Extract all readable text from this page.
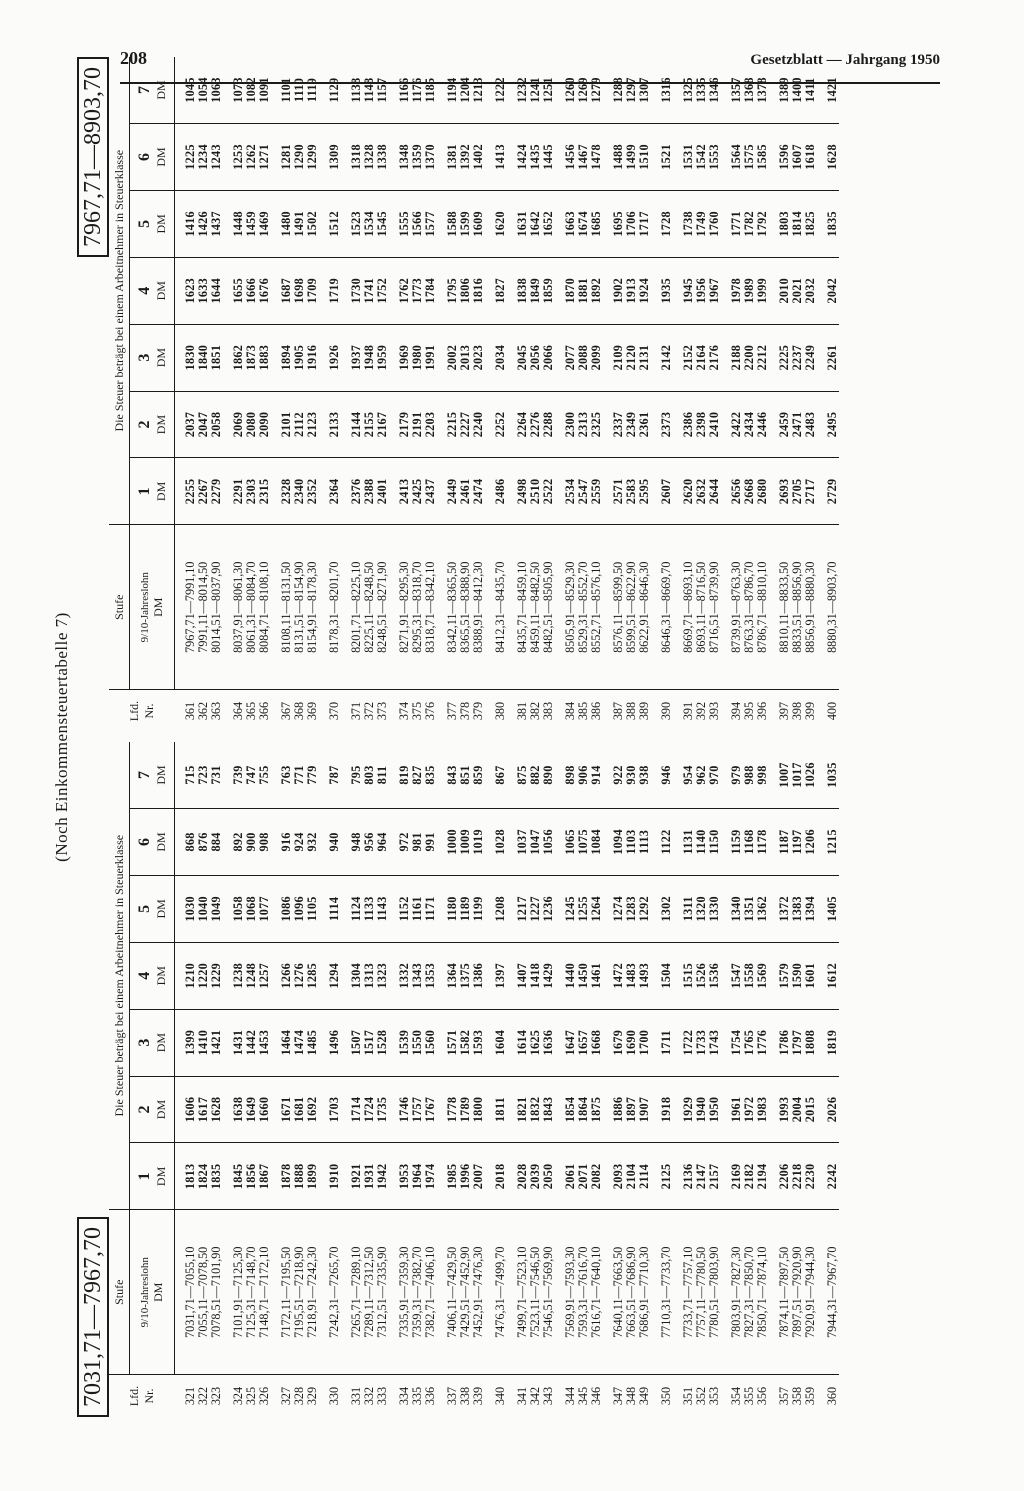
208	Gesetzblatt — Jahrgang 1950
(Noch Einkommensteuertabelle 7)
7031,71—7967,70 Lfd. Nr.	Stufe	Die Steuer beträgt bei einem Arbeitnehmer in Steuerklasse						

	9/10-Jahreslohn DM	1 DM	2 DM	3 DM	4 DM	5 DM	6 DM	7 DM

321	7031,71—7055,10	1813	1606	1399	1210	1030	868	715
322	7055,11—7078,50	1824	1617	1410	1220	1040	876	723
323	7078,51—7101,90	1835	1628	1421	1229	1049	884	731
324	7101,91—7125,30	1845	1638	1431	1238	1058	892	739
325	7125,31—7148,70	1856	1649	1442	1248	1068	900	747
326	7148,71—7172,10	1867	1660	1453	1257	1077	908	755
327	7172,11—7195,50	1878	1671	1464	1266	1086	916	763
328	7195,51—7218,90	1888	1681	1474	1276	1096	924	771
329	7218,91—7242,30	1899	1692	1485	1285	1105	932	779
330	7242,31—7265,70	1910	1703	1496	1294	1114	940	787
331	7265,71—7289,10	1921	1714	1507	1304	1124	948	795
332	7289,11—7312,50	1931	1724	1517	1313	1133	956	803
333	7312,51—7335,90	1942	1735	1528	1323	1143	964	811
334	7335,91—7359,30	1953	1746	1539	1332	1152	972	819
335	7359,31—7382,70	1964	1757	1550	1343	1161	981	827
336	7382,71—7406,10	1974	1767	1560	1353	1171	991	835
337	7406,11—7429,50	1985	1778	1571	1364	1180	1000	843
338	7429,51—7452,90	1996	1789	1582	1375	1189	1009	851
339	7452,91—7476,30	2007	1800	1593	1386	1199	1019	859
340	7476,31—7499,70	2018	1811	1604	1397	1208	1028	867
341	7499,71—7523,10	2028	1821	1614	1407	1217	1037	875
342	7523,11—7546,50	2039	1832	1625	1418	1227	1047	882
343	7546,51—7569,90	2050	1843	1636	1429	1236	1056	890
344	7569,91—7593,30	2061	1854	1647	1440	1245	1065	898
345	7593,31—7616,70	2071	1864	1657	1450	1255	1075	906
346	7616,71—7640,10	2082	1875	1668	1461	1264	1084	914
347	7640,11—7663,50	2093	1886	1679	1472	1274	1094	922
348	7663,51—7686,90	2104	1897	1690	1483	1283	1103	930
349	7686,91—7710,30	2114	1907	1700	1493	1292	1113	938
350	7710,31—7733,70	2125	1918	1711	1504	1302	1122	946
351	7733,71—7757,10	2136	1929	1722	1515	1311	1131	954
352	7757,11—7780,50	2147	1940	1733	1526	1320	1140	962
353	7780,51—7803,90	2157	1950	1743	1536	1330	1150	970
354	7803,91—7827,30	2169	1961	1754	1547	1340	1159	979
355	7827,31—7850,70	2182	1972	1765	1558	1351	1168	988
356	7850,71—7874,10	2194	1983	1776	1569	1362	1178	998
357	7874,11—7897,50	2206	1993	1786	1579	1372	1187	1007
358	7897,51—7920,90	2218	2004	1797	1590	1383	1197	1017
359	7920,91—7944,30	2230	2015	1808	1601	1394	1206	1026
360	7944,31—7967,70	2242	2026	1819	1612	1405	1215	1035
7967,71—8903,70
Lfd. Nr.	Stufe	Die Steuer beträgt bei einem Arbeitnehmer in Steuerklasse						

	9/10-Jahreslohn DM	1 DM	2 DM	3 DM	4 DM	5 DM	6 DM	7 DM

361	7967,71—7991,10	2255	2037	1830	1623	1416	1225	1045
362	7991,11—8014,50	2267	2047	1840	1633	1426	1234	1054
363	8014,51—8037,90	2279	2058	1851	1644	1437	1243	1063
364	8037,91—8061,30	2291	2069	1862	1655	1448	1253	1073
365	8061,31—8084,70	2303	2080	1873	1666	1459	1262	1082
366	8084,71—8108,10	2315	2090	1883	1676	1469	1271	1091
367	8108,11—8131,50	2328	2101	1894	1687	1480	1281	1101
368	8131,51—8154,90	2340	2112	1905	1698	1491	1290	1110
369	8154,91—8178,30	2352	2123	1916	1709	1502	1299	1119
370	8178,31—8201,70	2364	2133	1926	1719	1512	1309	1129
371	8201,71—8225,10	2376	2144	1937	1730	1523	1318	1138
372	8225,11—8248,50	2388	2155	1948	1741	1534	1328	1148
373	8248,51—8271,90	2401	2167	1959	1752	1545	1338	1157
374	8271,91—8295,30	2413	2179	1969	1762	1555	1348	1166
375	8295,31—8318,70	2425	2191	1980	1773	1566	1359	1176
376	8318,71—8342,10	2437	2203	1991	1784	1577	1370	1185
377	8342,11—8365,50	2449	2215	2002	1795	1588	1381	1194
378	8365,51—8388,90	2461	2227	2013	1806	1599	1392	1204
379	8388,91—8412,30	2474	2240	2023	1816	1609	1402	1213
380	8412,31—8435,70	2486	2252	2034	1827	1620	1413	1222
381	8435,71—8459,10	2498	2264	2045	1838	1631	1424	1232
382	8459,11—8482,50	2510	2276	2056	1849	1642	1435	1241
383	8482,51—8505,90	2522	2288	2066	1859	1652	1445	1251
384	8505,91—8529,30	2534	2300	2077	1870	1663	1456	1260
385	8529,31—8552,70	2547	2313	2088	1881	1674	1467	1269
386	8552,71—8576,10	2559	2325	2099	1892	1685	1478	1279
387	8576,11—8599,50	2571	2337	2109	1902	1695	1488	1288
388	8599,51—8622,90	2583	2349	2120	1913	1706	1499	1297
389	8622,91—8646,30	2595	2361	2131	1924	1717	1510	1307
390	8646,31—8669,70	2607	2373	2142	1935	1728	1521	1316
391	8669,71—8693,10	2620	2386	2152	1945	1738	1531	1325
392	8693,11—8716,50	2632	2398	2164	1956	1749	1542	1335
393	8716,51—8739,90	2644	2410	2176	1967	1760	1553	1346
394	8739,91—8763,30	2656	2422	2188	1978	1771	1564	1357
395	8763,31—8786,70	2668	2434	2200	1989	1782	1575	1368
396	8786,71—8810,10	2680	2446	2212	1999	1792	1585	1378
397	8810,11—8833,50	2693	2459	2225	2010	1803	1596	1389
398	8833,51—8856,90	2705	2471	2237	2021	1814	1607	1400
399	8856,91—8880,30	2717	2483	2249	2032	1825	1618	1411
400	8880,31—8903,70	2729	2495	2261	2042	1835	1628	1421
